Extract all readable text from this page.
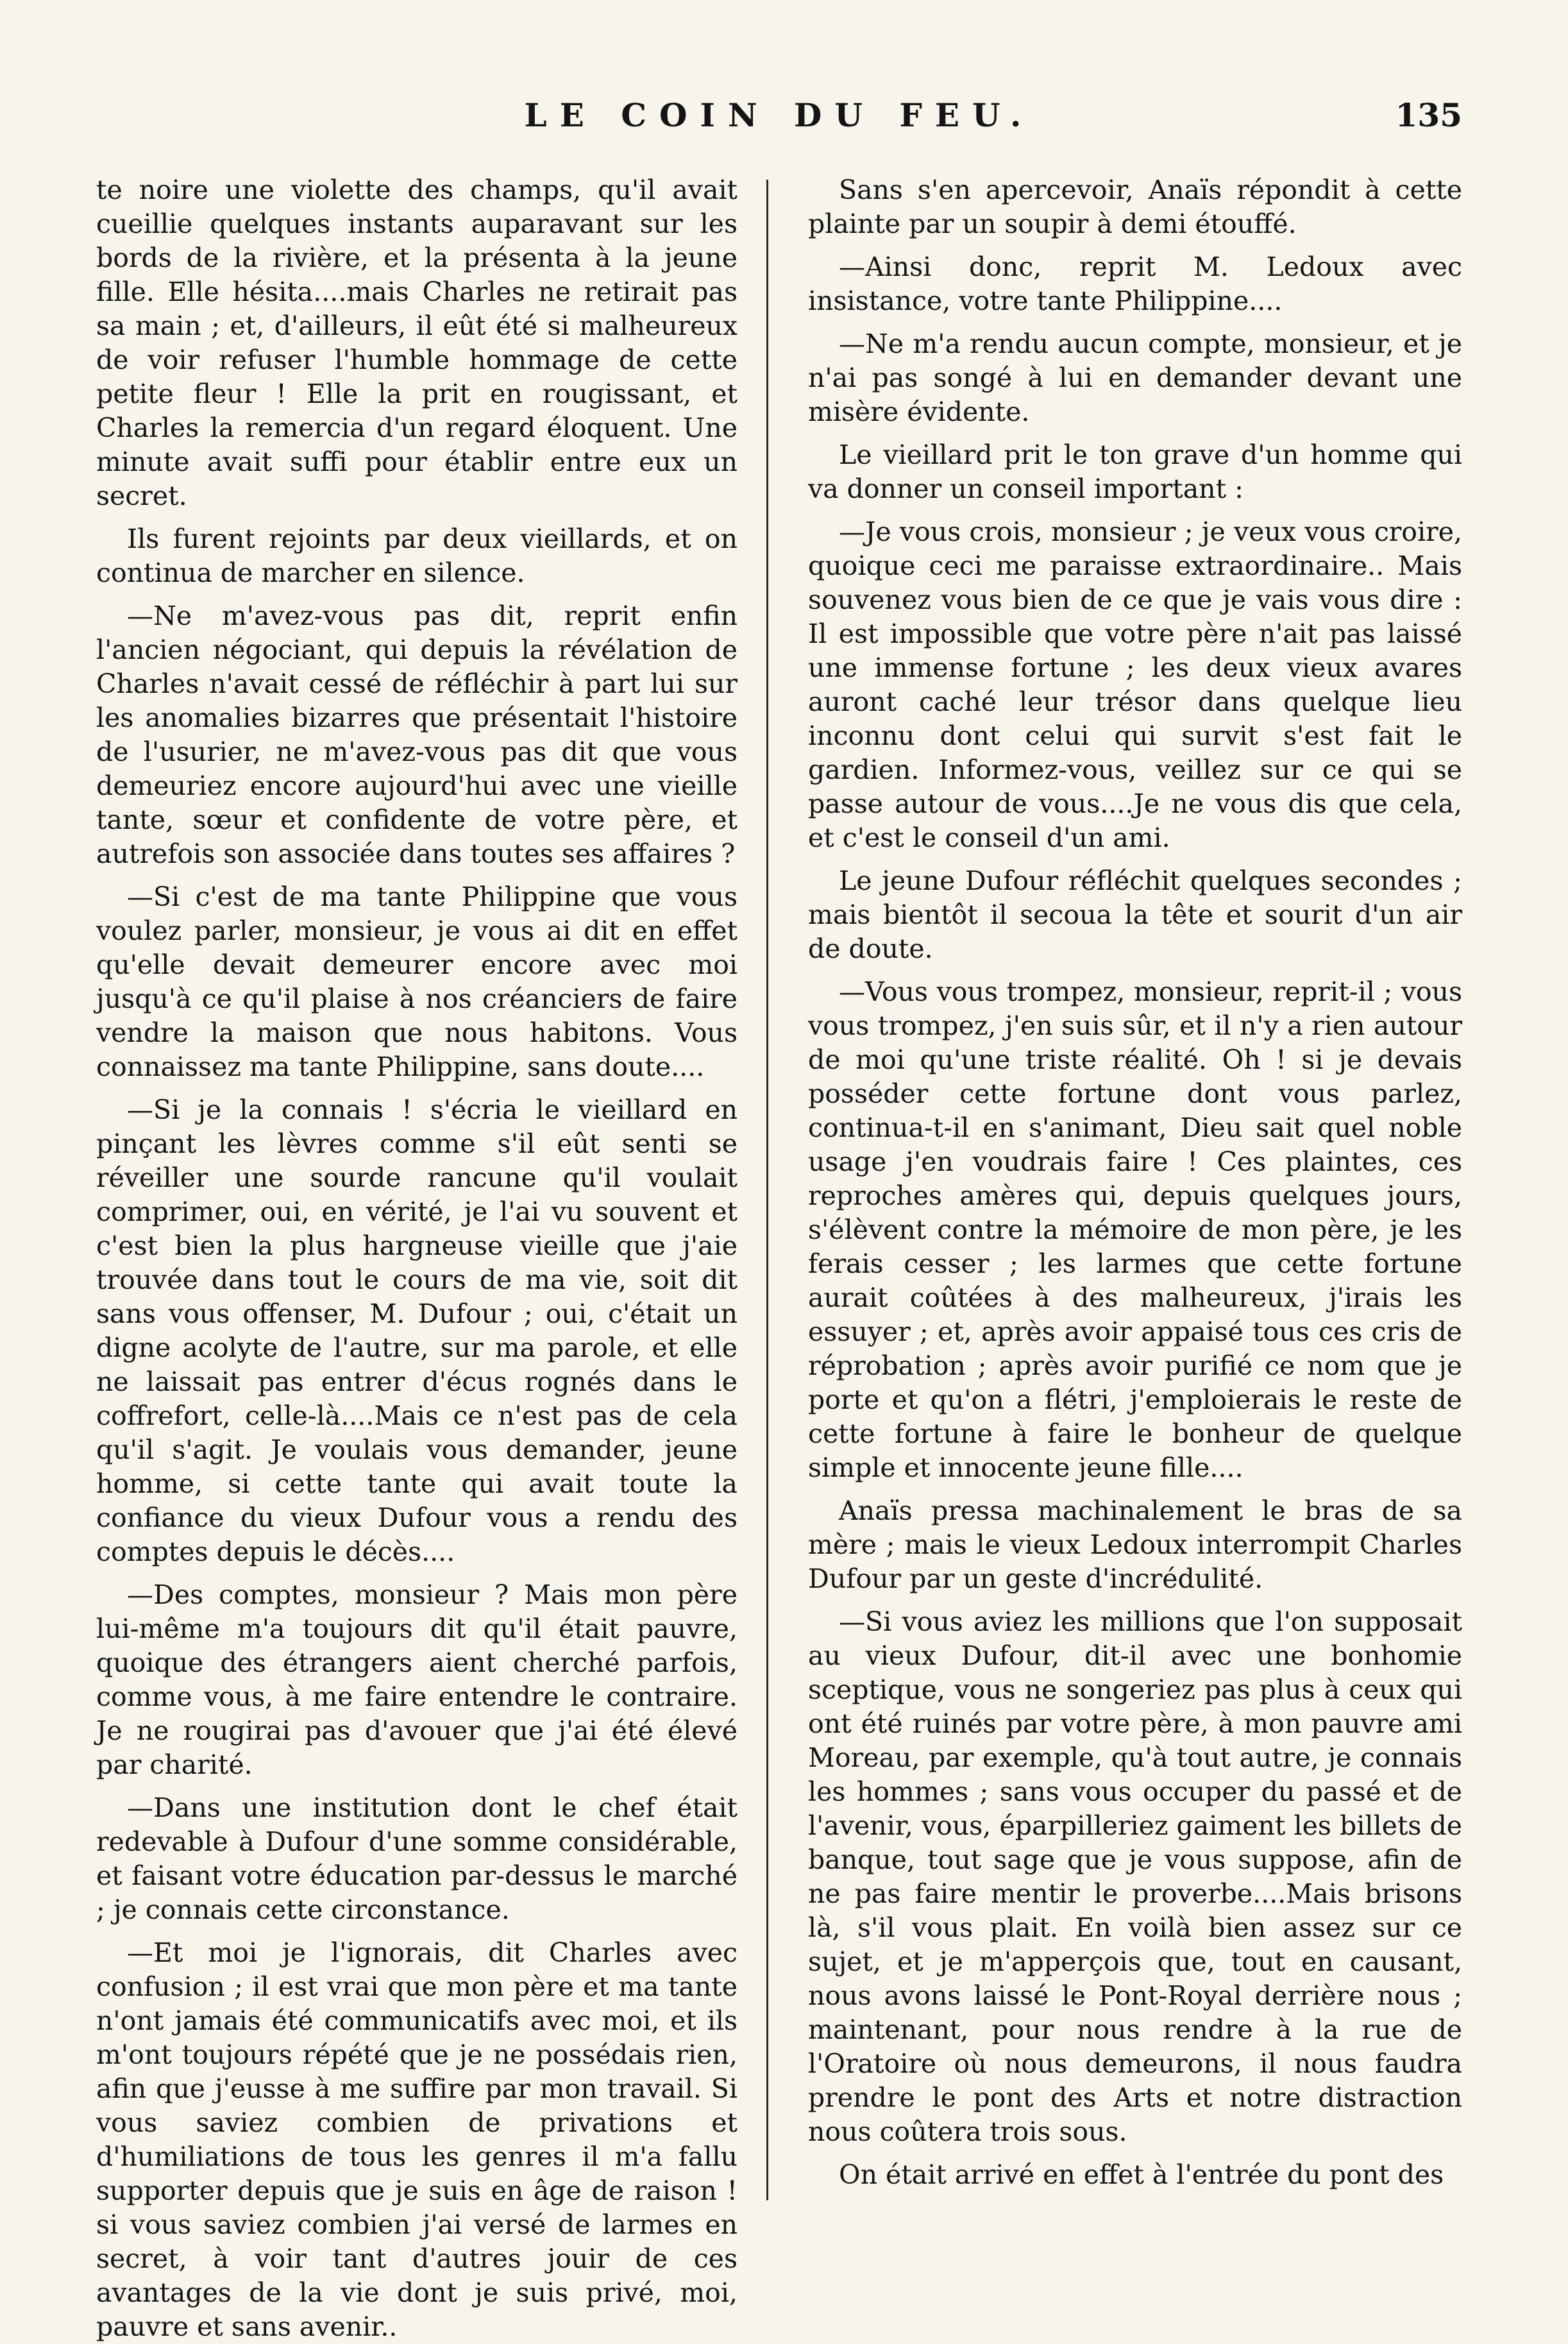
LE COIN DU FEU.	135

te noire une violette des champs, qu'il avait cueillie quelques instants auparavant sur les bords de la rivière, et la présenta à la jeune fille. Elle hésita....mais Charles ne retirait pas sa main ; et, d'ailleurs, il eût été si malheureux de voir refuser l'humble hommage de cette petite fleur ! Elle la prit en rougissant, et Charles la remercia d'un regard éloquent. Une minute avait suffi pour établir entre eux un secret.

Ils furent rejoints par deux vieillards, et on continua de marcher en silence.

—Ne m'avez-vous pas dit, reprit enfin l'ancien négociant, qui depuis la révélation de Charles n'avait cessé de réfléchir à part lui sur les anomalies bizarres que présentait l'histoire de l'usurier, ne m'avez-vous pas dit que vous demeuriez encore aujourd'hui avec une vieille tante, sœur et confidente de votre père, et autrefois son associée dans toutes ses affaires ?

—Si c'est de ma tante Philippine que vous voulez parler, monsieur, je vous ai dit en effet qu'elle devait demeurer encore avec moi jusqu'à ce qu'il plaise à nos créanciers de faire vendre la maison que nous habitons. Vous connaissez ma tante Philippine, sans doute....

—Si je la connais ! s'écria le vieillard en pinçant les lèvres comme s'il eût senti se réveiller une sourde rancune qu'il voulait comprimer, oui, en vérité, je l'ai vu souvent et c'est bien la plus hargneuse vieille que j'aie trouvée dans tout le cours de ma vie, soit dit sans vous offenser, M. Dufour ; oui, c'était un digne acolyte de l'autre, sur ma parole, et elle ne laissait pas entrer d'écus rognés dans le coffrefort, celle-là....Mais ce n'est pas de cela qu'il s'agit. Je voulais vous demander, jeune homme, si cette tante qui avait toute la confiance du vieux Dufour vous a rendu des comptes depuis le décès....

—Des comptes, monsieur ? Mais mon père lui-même m'a toujours dit qu'il était pauvre, quoique des étrangers aient cherché parfois, comme vous, à me faire entendre le contraire. Je ne rougirai pas d'avouer que j'ai été élevé par charité.

—Dans une institution dont le chef était redevable à Dufour d'une somme considérable, et faisant votre éducation par-dessus le marché ; je connais cette circonstance.

—Et moi je l'ignorais, dit Charles avec confusion ; il est vrai que mon père et ma tante n'ont jamais été communicatifs avec moi, et ils m'ont toujours répété que je ne possédais rien, afin que j'eusse à me suffire par mon travail. Si vous saviez combien de privations et d'humiliations de tous les genres il m'a fallu supporter depuis que je suis en âge de raison ! si vous saviez combien j'ai versé de larmes en secret, à voir tant d'autres jouir de ces avantages de la vie dont je suis privé, moi, pauvre et sans avenir..

Sans s'en apercevoir, Anaïs répondit à cette plainte par un soupir à demi étouffé.

—Ainsi donc, reprit M. Ledoux avec insistance, votre tante Philippine....

—Ne m'a rendu aucun compte, monsieur, et je n'ai pas songé à lui en demander devant une misère évidente.

Le vieillard prit le ton grave d'un homme qui va donner un conseil important :

—Je vous crois, monsieur ; je veux vous croire, quoique ceci me paraisse extraordinaire.. Mais souvenez vous bien de ce que je vais vous dire : Il est impossible que votre père n'ait pas laissé une immense fortune ; les deux vieux avares auront caché leur trésor dans quelque lieu inconnu dont celui qui survit s'est fait le gardien. Informez-vous, veillez sur ce qui se passe autour de vous....Je ne vous dis que cela, et c'est le conseil d'un ami.

Le jeune Dufour réfléchit quelques secondes ; mais bientôt il secoua la tête et sourit d'un air de doute.

—Vous vous trompez, monsieur, reprit-il ; vous vous trompez, j'en suis sûr, et il n'y a rien autour de moi qu'une triste réalité. Oh ! si je devais posséder cette fortune dont vous parlez, continua-t-il en s'animant, Dieu sait quel noble usage j'en voudrais faire ! Ces plaintes, ces reproches amères qui, depuis quelques jours, s'élèvent contre la mémoire de mon père, je les ferais cesser ; les larmes que cette fortune aurait coûtées à des malheureux, j'irais les essuyer ; et, après avoir appaisé tous ces cris de réprobation ; après avoir purifié ce nom que je porte et qu'on a flétri, j'emploierais le reste de cette fortune à faire le bonheur de quelque simple et innocente jeune fille....

Anaïs pressa machinalement le bras de sa mère ; mais le vieux Ledoux interrompit Charles Dufour par un geste d'incrédulité.

—Si vous aviez les millions que l'on supposait au vieux Dufour, dit-il avec une bonhomie sceptique, vous ne songeriez pas plus à ceux qui ont été ruinés par votre père, à mon pauvre ami Moreau, par exemple, qu'à tout autre, je connais les hommes ; sans vous occuper du passé et de l'avenir, vous, éparpilleriez gaiment les billets de banque, tout sage que je vous suppose, afin de ne pas faire mentir le proverbe....Mais brisons là, s'il vous plait. En voilà bien assez sur ce sujet, et je m'apperçois que, tout en causant, nous avons laissé le Pont-Royal derrière nous ; maintenant, pour nous rendre à la rue de l'Oratoire où nous demeurons, il nous faudra prendre le pont des Arts et notre distraction nous coûtera trois sous.

On était arrivé en effet à l'entrée du pont des
